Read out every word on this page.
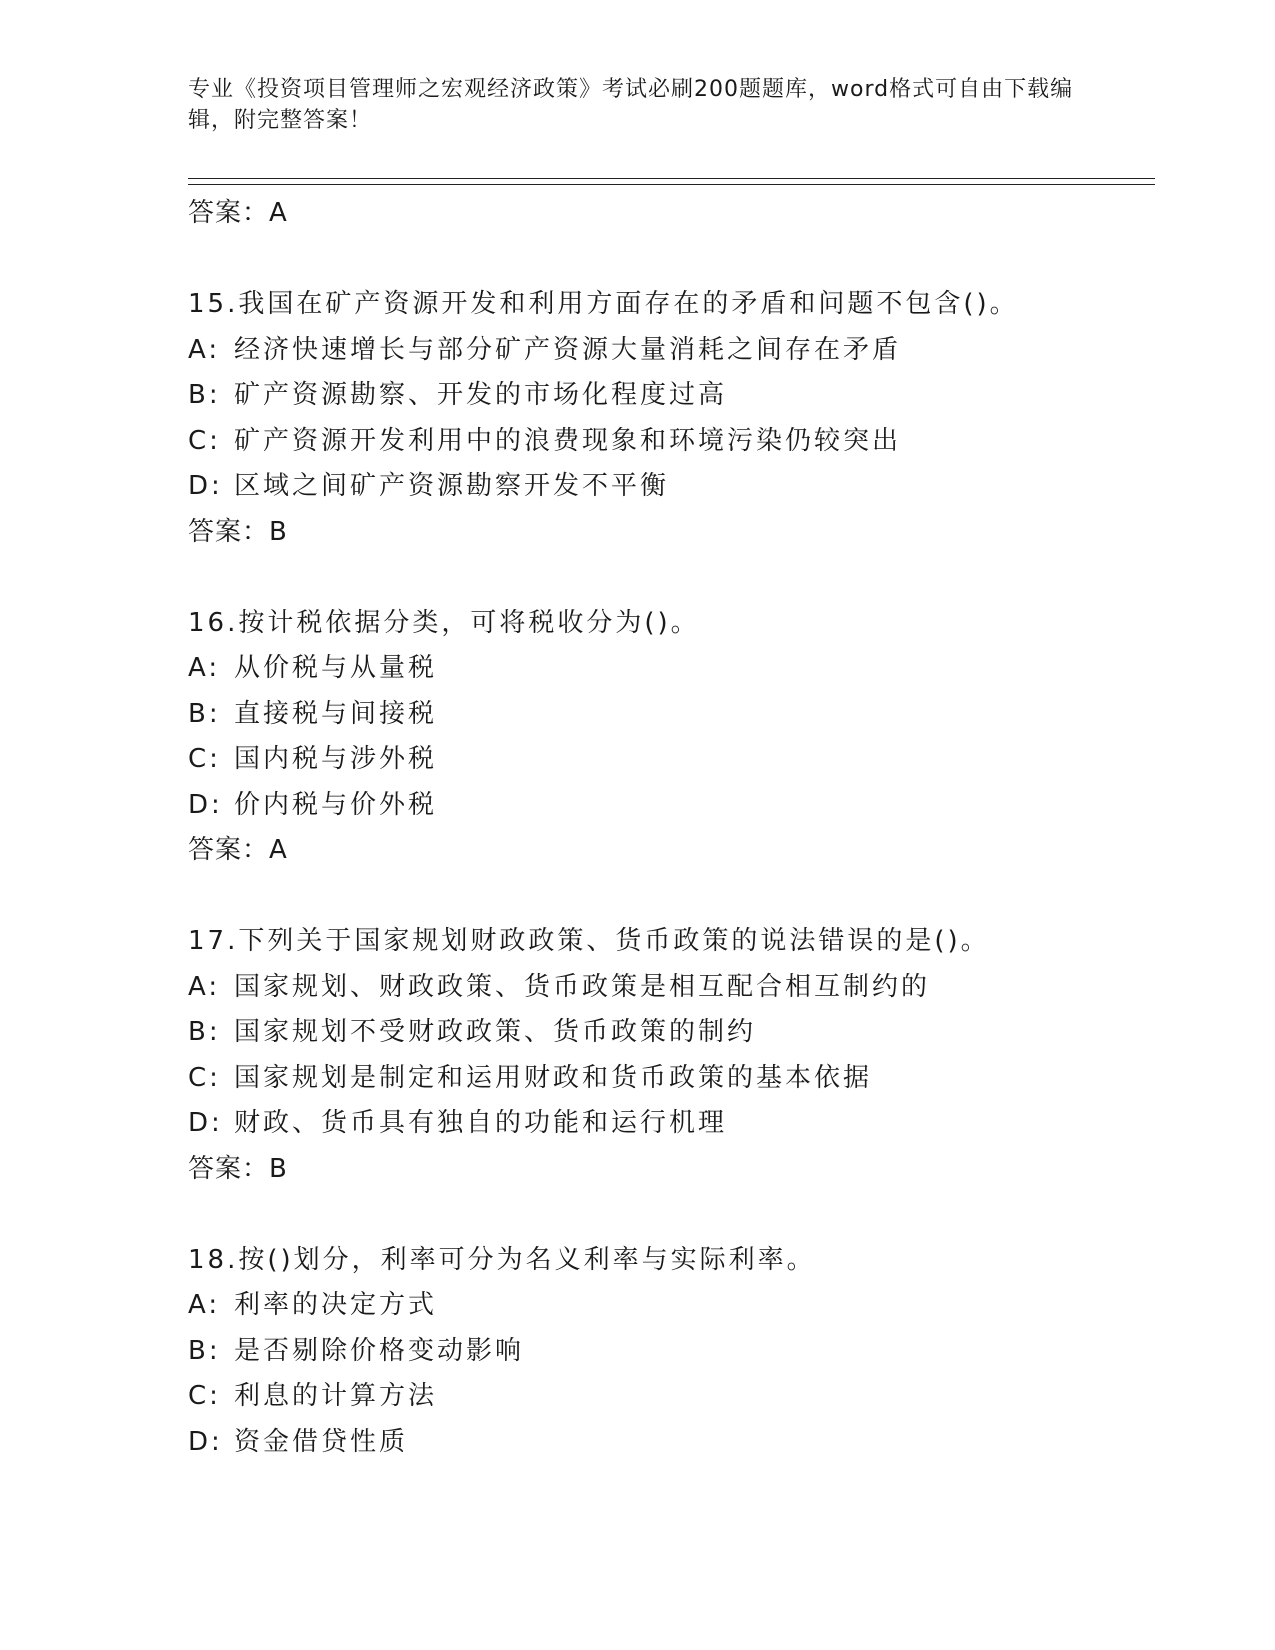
专业《投资项目管理师之宏观经济政策》考试必刷200题题库，word格式可自由下载编辑，附完整答案！
答案：A
15.我国在矿产资源开发和利用方面存在的矛盾和问题不包含()。
A: 经济快速增长与部分矿产资源大量消耗之间存在矛盾
B: 矿产资源勘察、开发的市场化程度过高
C: 矿产资源开发利用中的浪费现象和环境污染仍较突出
D: 区域之间矿产资源勘察开发不平衡
答案：B
16.按计税依据分类，可将税收分为()。
A: 从价税与从量税
B: 直接税与间接税
C: 国内税与涉外税
D: 价内税与价外税
答案：A
17.下列关于国家规划财政政策、货币政策的说法错误的是()。
A: 国家规划、财政政策、货币政策是相互配合相互制约的
B: 国家规划不受财政政策、货币政策的制约
C: 国家规划是制定和运用财政和货币政策的基本依据
D: 财政、货币具有独自的功能和运行机理
答案：B
18.按()划分，利率可分为名义利率与实际利率。
A: 利率的决定方式
B: 是否剔除价格变动影响
C: 利息的计算方法
D: 资金借贷性质
